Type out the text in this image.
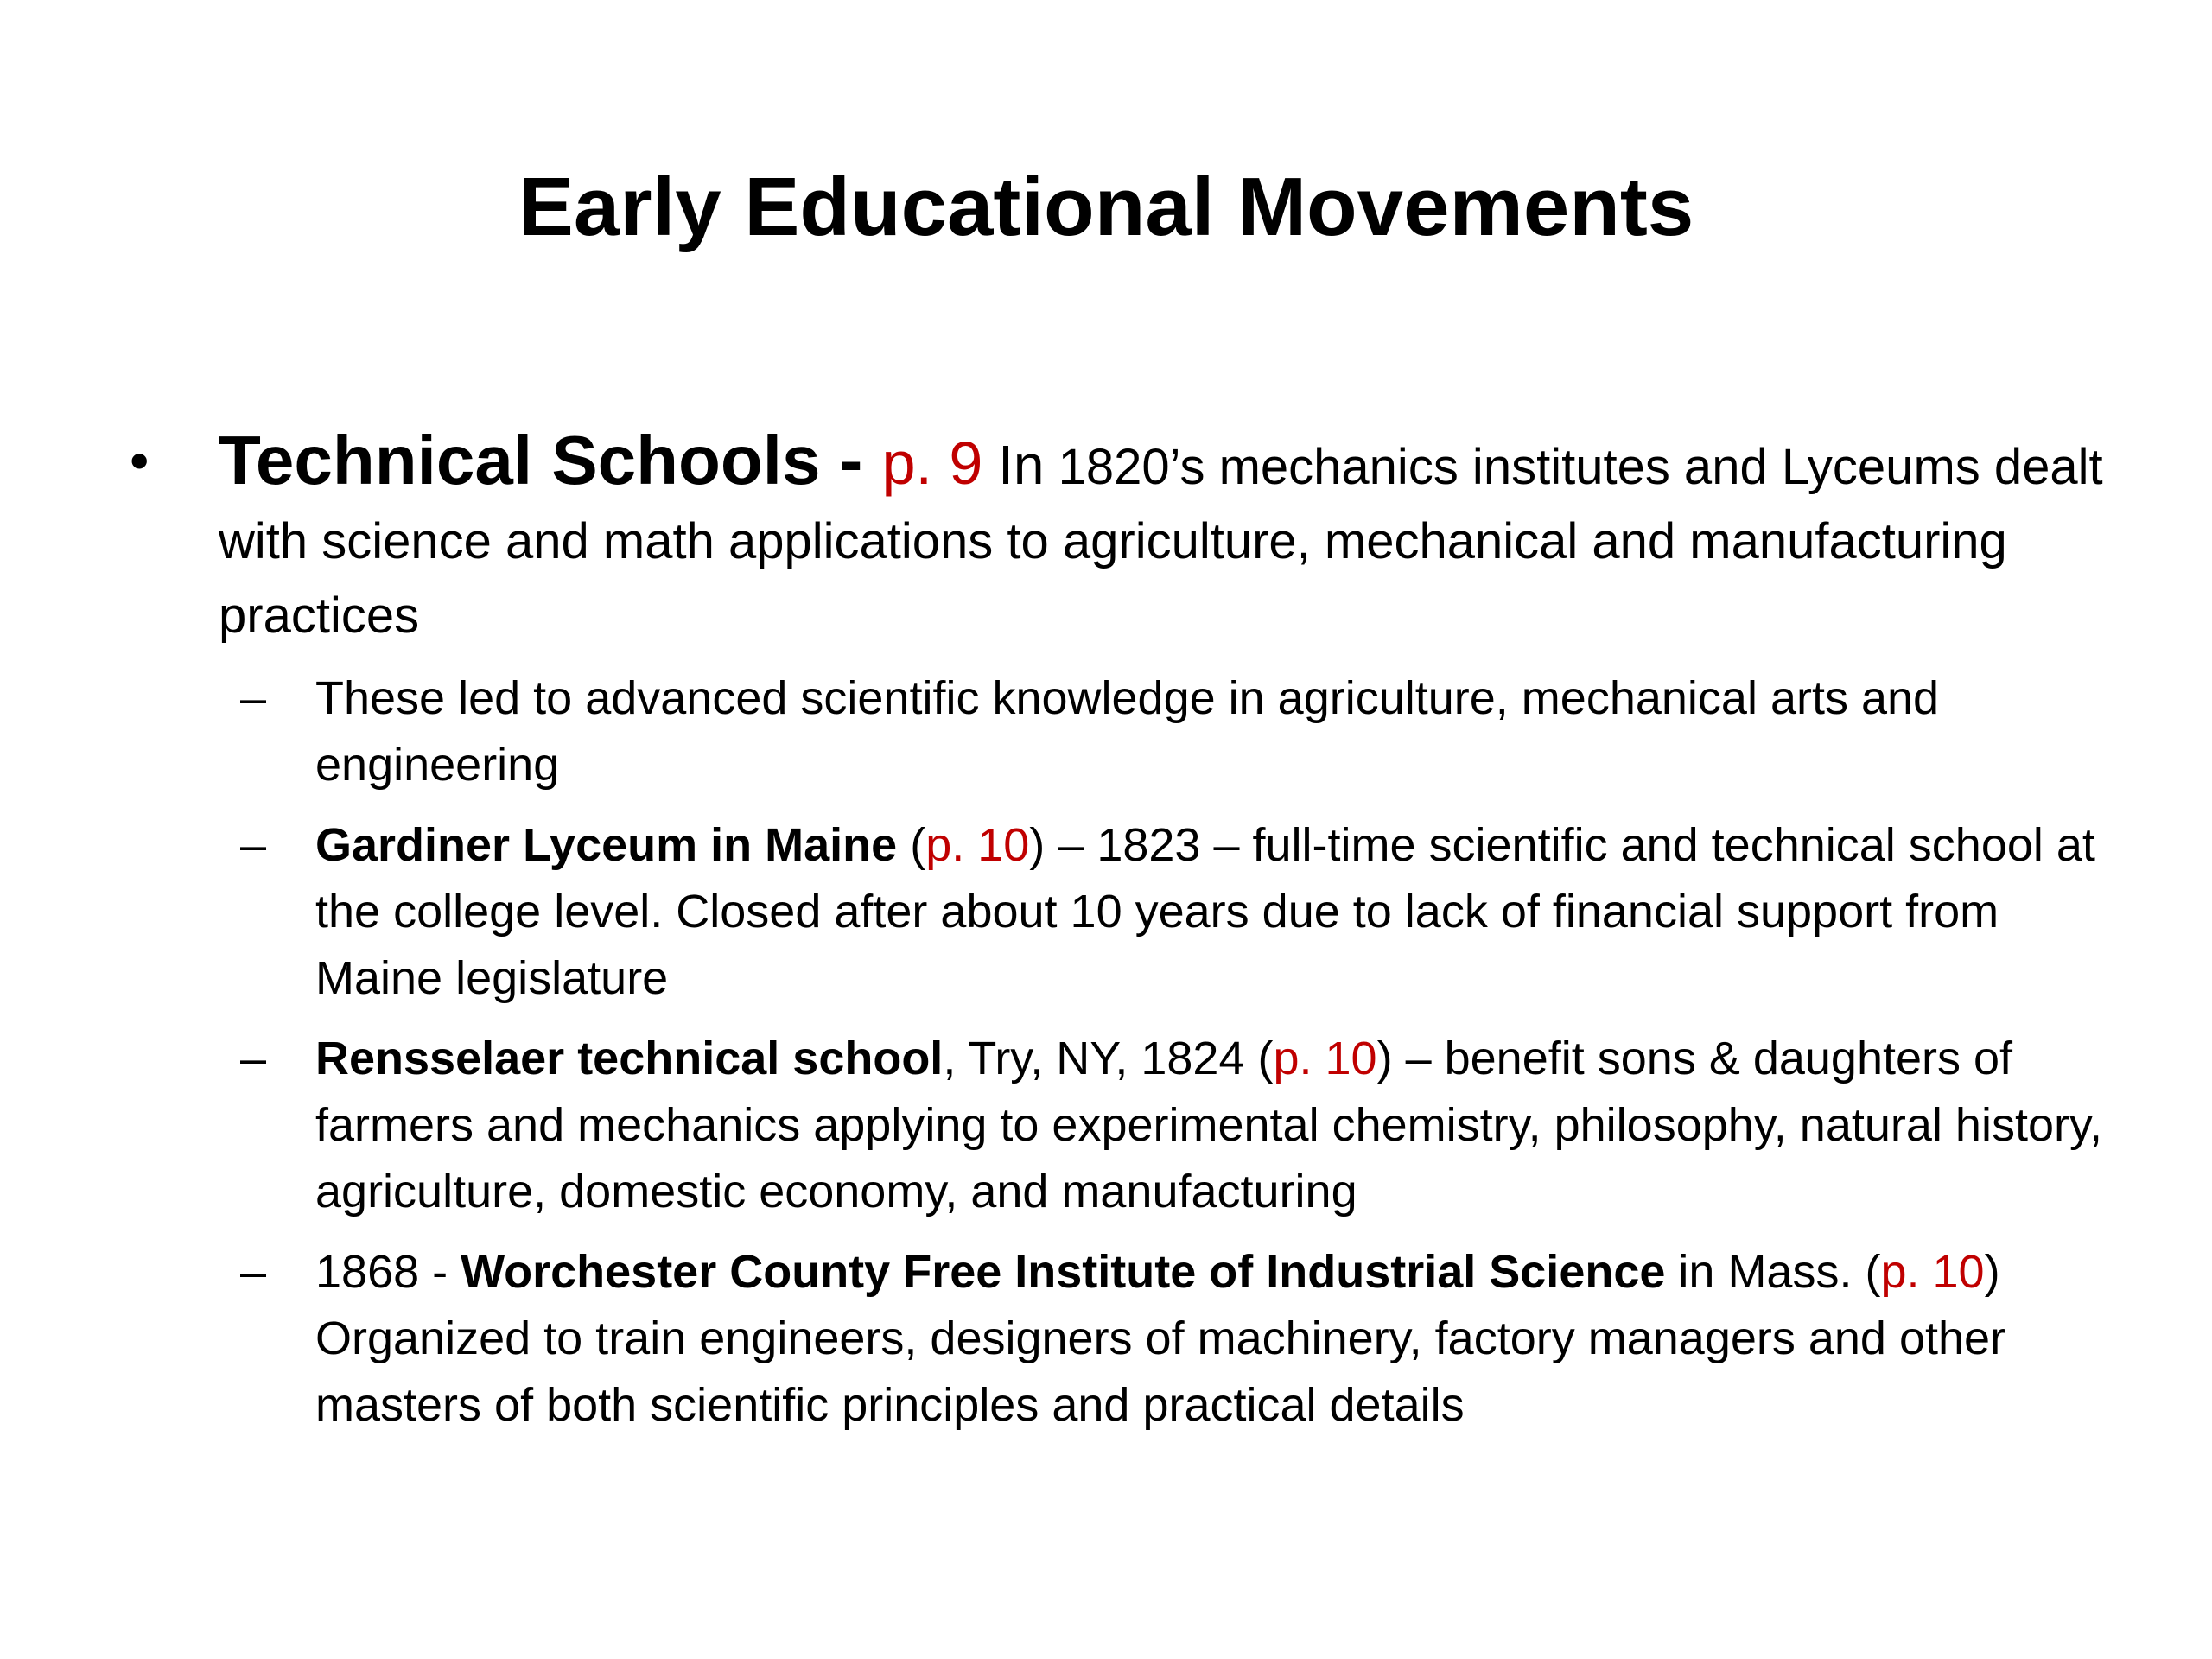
Early Educational Movements
• Technical Schools - p. 9 In 1820’s mechanics institutes and Lyceums dealt with science and math applications to agriculture, mechanical and manufacturing practices
– These led to advanced scientific knowledge in agriculture, mechanical arts and engineering
– Gardiner Lyceum in Maine (p. 10) – 1823 – full-time scientific and technical school at the college level. Closed after about 10 years due to lack of financial support from Maine legislature
– Rensselaer technical school, Try, NY, 1824 (p. 10) – benefit sons & daughters of farmers and mechanics applying to experimental chemistry, philosophy, natural history, agriculture, domestic economy, and manufacturing
– 1868 - Worchester County Free Institute of Industrial Science in Mass. (p. 10) Organized to train engineers, designers of machinery, factory managers and other masters of both scientific principles and practical details
